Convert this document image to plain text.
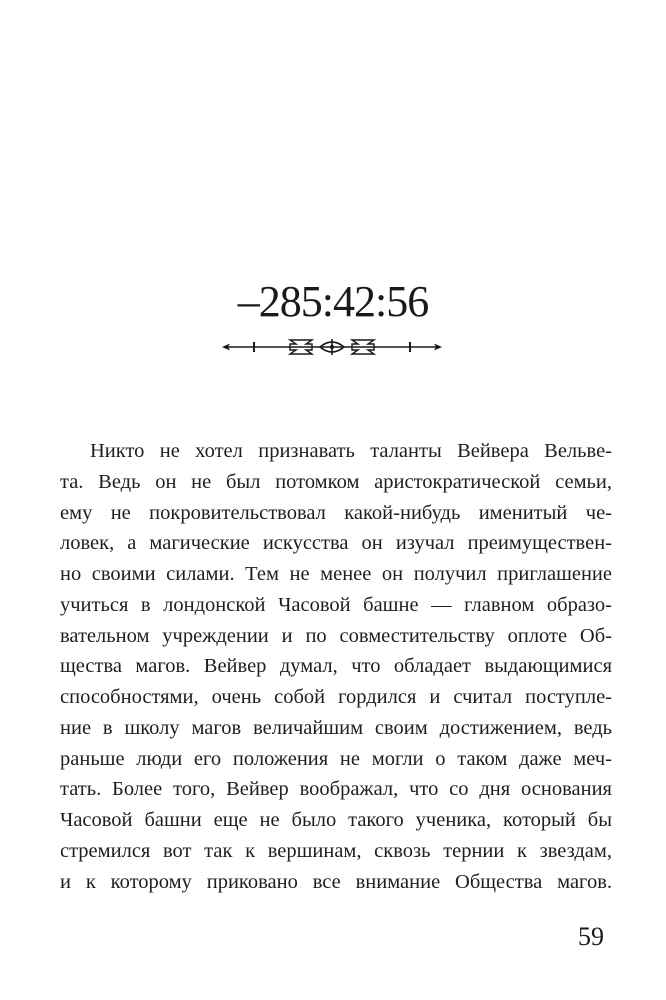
–285:42:56
Никто не хотел признавать таланты Вейвера Вельве-
та. Ведь он не был потомком аристократической семьи,
ему не покровительствовал какой-нибудь именитый че-
ловек, а магические искусства он изучал преимуществен-
но своими силами. Тем не менее он получил приглашение
учиться в лондонской Часовой башне — главном образо-
вательном учреждении и по совместительству оплоте Об-
щества магов. Вейвер думал, что обладает выдающимися
способностями, очень собой гордился и считал поступле-
ние в школу магов величайшим своим достижением, ведь
раньше люди его положения не могли о таком даже меч-
тать. Более того, Вейвер воображал, что со дня основания
Часовой башни еще не было такого ученика, который бы
стремился вот так к вершинам, сквозь тернии к звездам,
и к которому приковано все внимание Общества магов.
59
